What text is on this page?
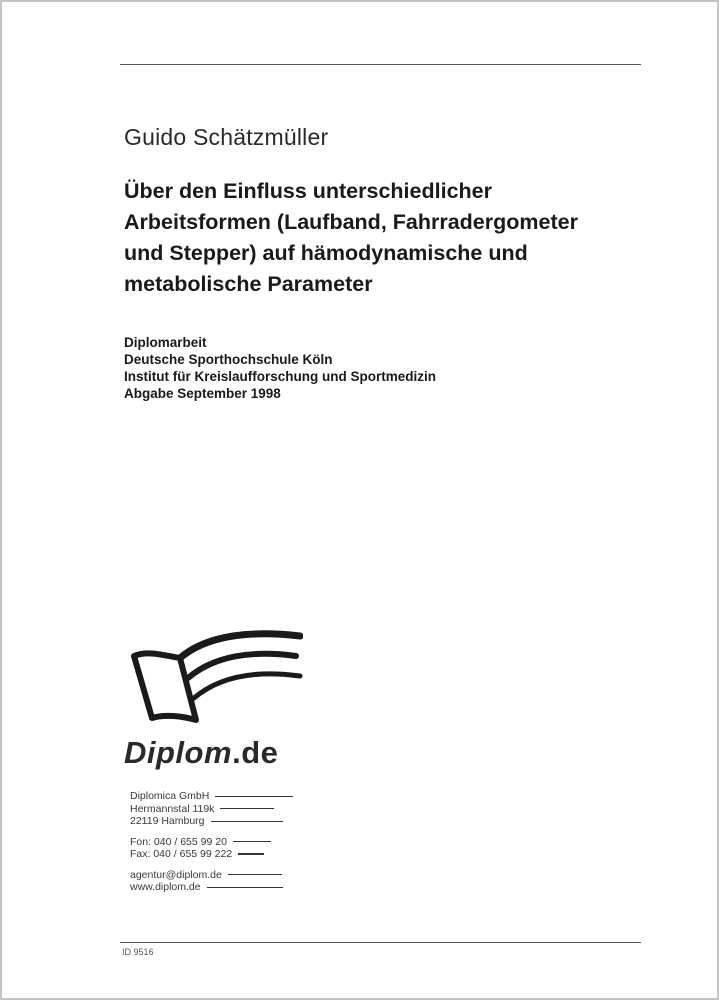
Guido Schätzmüller
Über den Einfluss unterschiedlicher
Arbeitsformen (Laufband, Fahrradergometer
und Stepper) auf hämodynamische und
metabolische Parameter
Diplomarbeit
Deutsche Sporthochschule Köln
Institut für Kreislaufforschung und Sportmedizin
Abgabe September 1998
Diplom.de
Diplomica GmbH
Hermannstal 119k
22119 Hamburg
Fon: 040 / 655 99 20
Fax: 040 / 655 99 222
agentur@diplom.de
www.diplom.de
ID 9516
